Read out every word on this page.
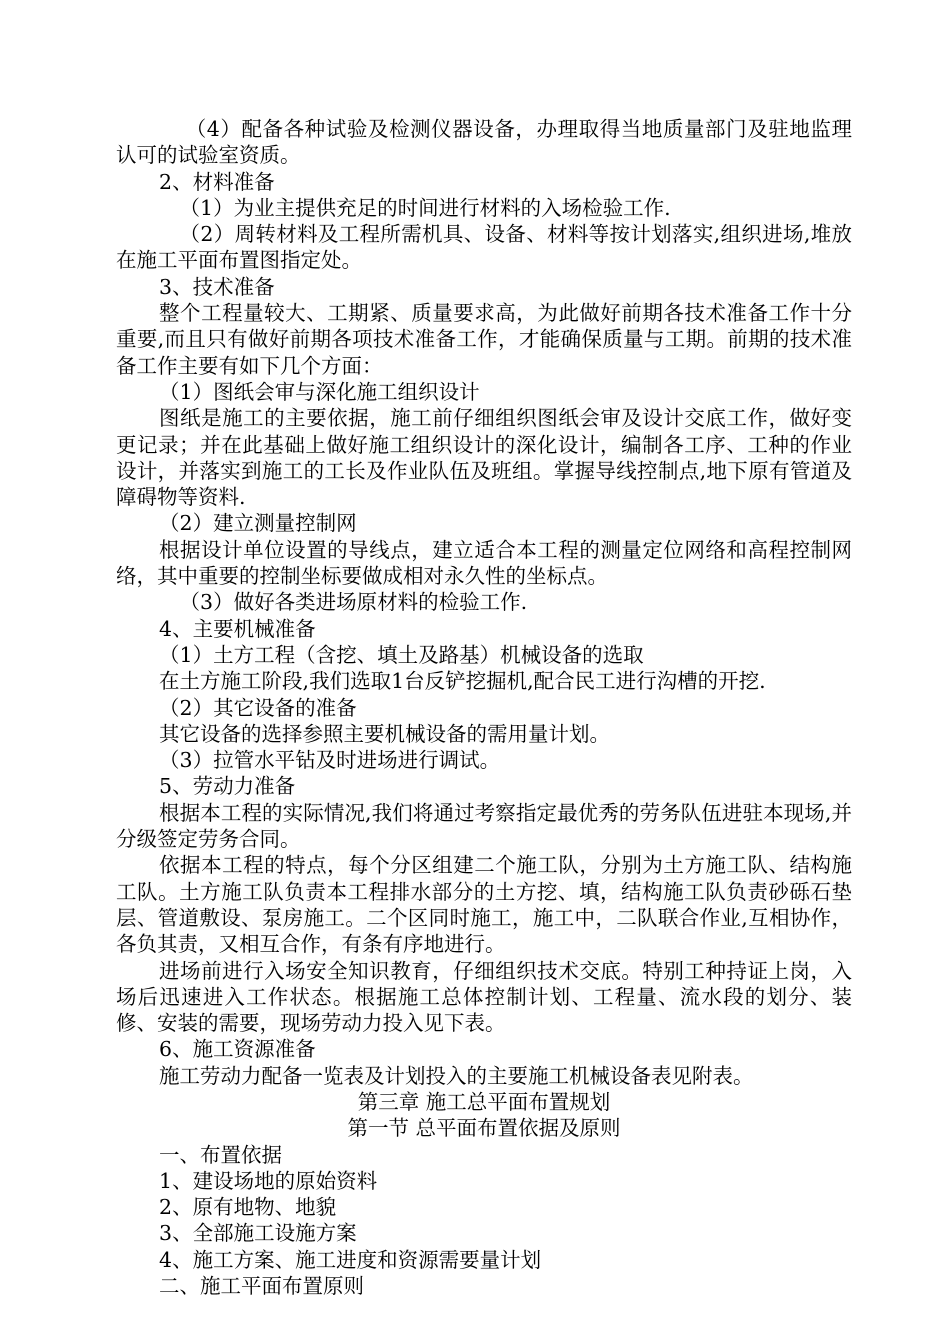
（4）配备各种试验及检测仪器设备，办理取得当地质量部门及驻地监理认可的试验室资质。

2、材料准备

（1）为业主提供充足的时间进行材料的入场检验工作.

（2）周转材料及工程所需机具、设备、材料等按计划落实,组织进场,堆放在施工平面布置图指定处。

3、技术准备

整个工程量较大、工期紧、质量要求高，为此做好前期各技术准备工作十分重要,而且只有做好前期各项技术准备工作，才能确保质量与工期。前期的技术准备工作主要有如下几个方面：

（1）图纸会审与深化施工组织设计

图纸是施工的主要依据，施工前仔细组织图纸会审及设计交底工作，做好变更记录；并在此基础上做好施工组织设计的深化设计，编制各工序、工种的作业设计，并落实到施工的工长及作业队伍及班组。掌握导线控制点,地下原有管道及障碍物等资料.

（2）建立测量控制网

根据设计单位设置的导线点，建立适合本工程的测量定位网络和高程控制网络，其中重要的控制坐标要做成相对永久性的坐标点。

（3）做好各类进场原材料的检验工作.

4、主要机械准备

（1）土方工程（含挖、填土及路基）机械设备的选取

在土方施工阶段,我们选取1台反铲挖掘机,配合民工进行沟槽的开挖.

（2）其它设备的准备

其它设备的选择参照主要机械设备的需用量计划。

（3）拉管水平钻及时进场进行调试。

5、劳动力准备

根据本工程的实际情况,我们将通过考察指定最优秀的劳务队伍进驻本现场,并分级签定劳务合同。

依据本工程的特点，每个分区组建二个施工队，分别为土方施工队、结构施工队。土方施工队负责本工程排水部分的土方挖、填，结构施工队负责砂砾石垫层、管道敷设、泵房施工。二个区同时施工，施工中，二队联合作业,互相协作，各负其责，又相互合作，有条有序地进行。

进场前进行入场安全知识教育，仔细组织技术交底。特别工种持证上岗，入场后迅速进入工作状态。根据施工总体控制计划、工程量、流水段的划分、装修、安装的需要，现场劳动力投入见下表。

6、施工资源准备

施工劳动力配备一览表及计划投入的主要施工机械设备表见附表。

第三章 施工总平面布置规划

第一节 总平面布置依据及原则

一、布置依据

1、建设场地的原始资料

2、原有地物、地貌

3、全部施工设施方案

4、施工方案、施工进度和资源需要量计划

二、施工平面布置原则
